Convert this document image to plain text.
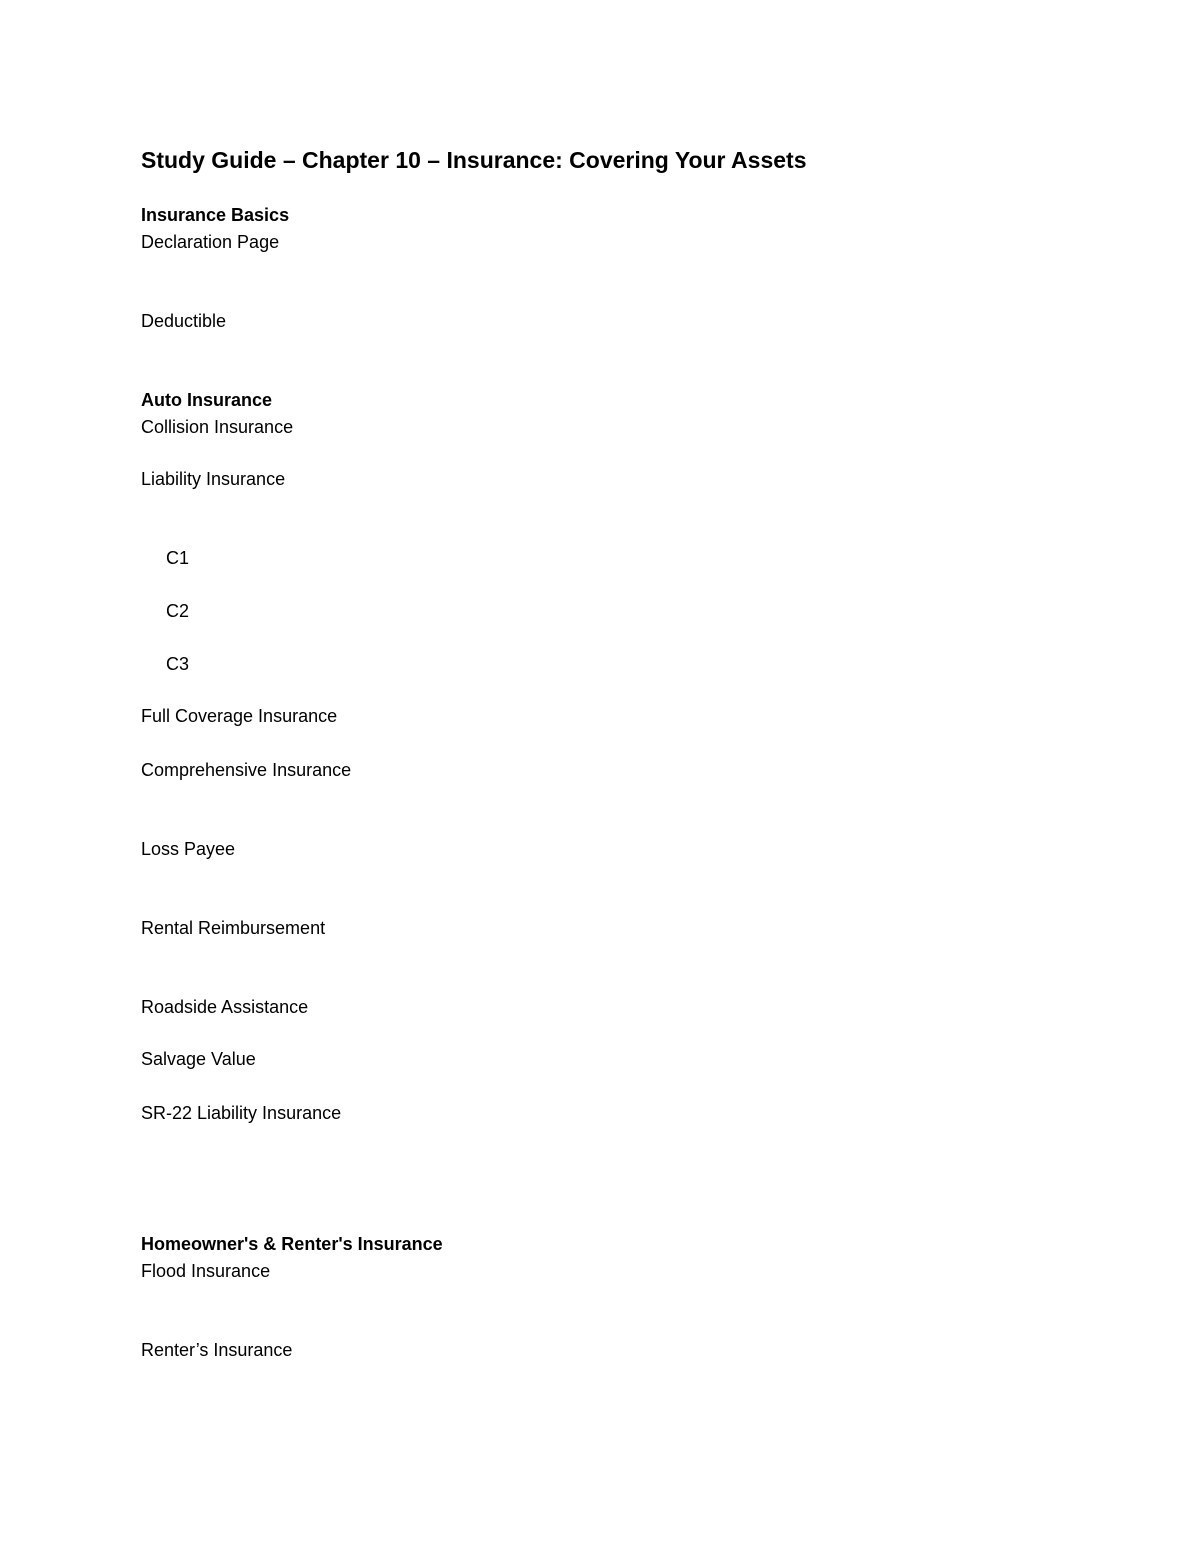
Study Guide – Chapter 10 – Insurance: Covering Your Assets
Insurance Basics
Declaration Page
Deductible
Auto Insurance
Collision Insurance
Liability Insurance
C1
C2
C3
Full Coverage Insurance
Comprehensive Insurance
Loss Payee
Rental Reimbursement
Roadside Assistance
Salvage Value
SR-22 Liability Insurance
Homeowner's & Renter's Insurance
Flood Insurance
Renter’s Insurance
